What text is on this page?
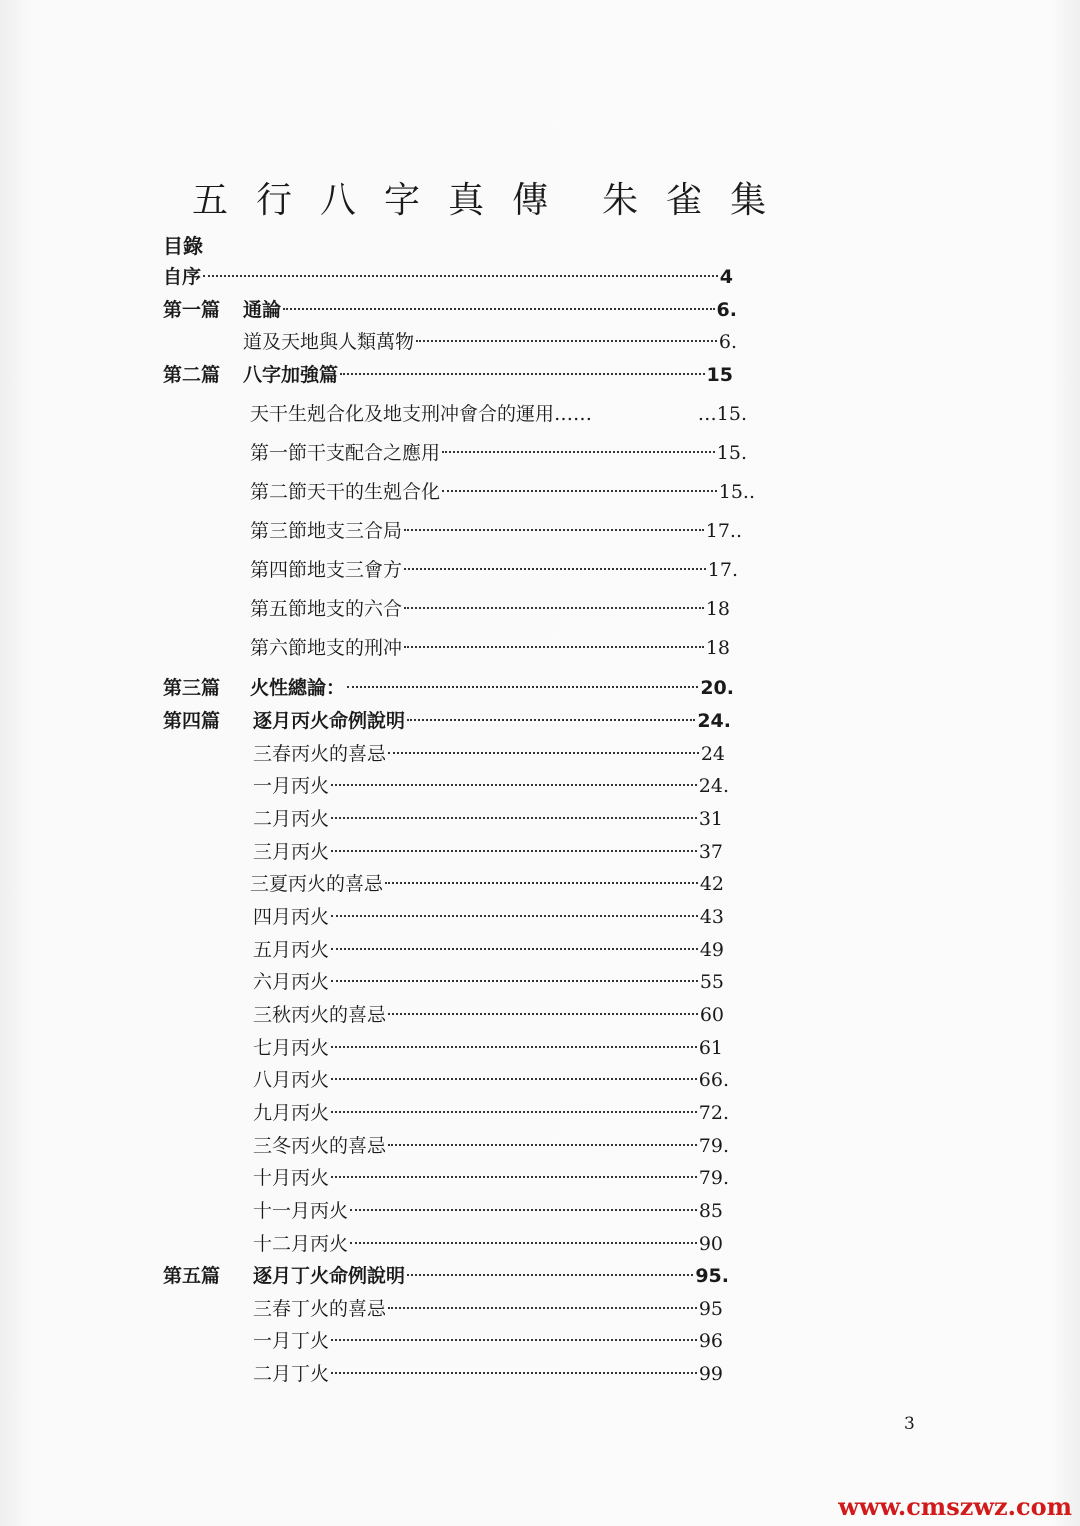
五 行 八 字 真 傳 朱 雀 集
目錄
自序	4
第一篇 通論	6.
道及天地與人類萬物	6.
第二篇 八字加強篇	15
天干生剋合化及地支刑冲會合的運用……	…15.
第一節干支配合之應用	15.
第二節天干的生剋合化	15..
第三節地支三合局	17..
第四節地支三會方	17.
第五節地支的六合	18
第六節地支的刑冲	18
第三篇 火性總論：	20.
第四篇 逐月丙火命例說明	24.
三春丙火的喜忌	24
一月丙火	24.
二月丙火	31
三月丙火	37
三夏丙火的喜忌	42
四月丙火	43
五月丙火	49
六月丙火	55
三秋丙火的喜忌	60
七月丙火	61
八月丙火	66.
九月丙火	72.
三冬丙火的喜忌	79.
十月丙火	79.
十一月丙火	85
十二月丙火	90
第五篇 逐月丁火命例說明	95.
三春丁火的喜忌	95
一月丁火	96
二月丁火	99
3
www.cmszwz.com
